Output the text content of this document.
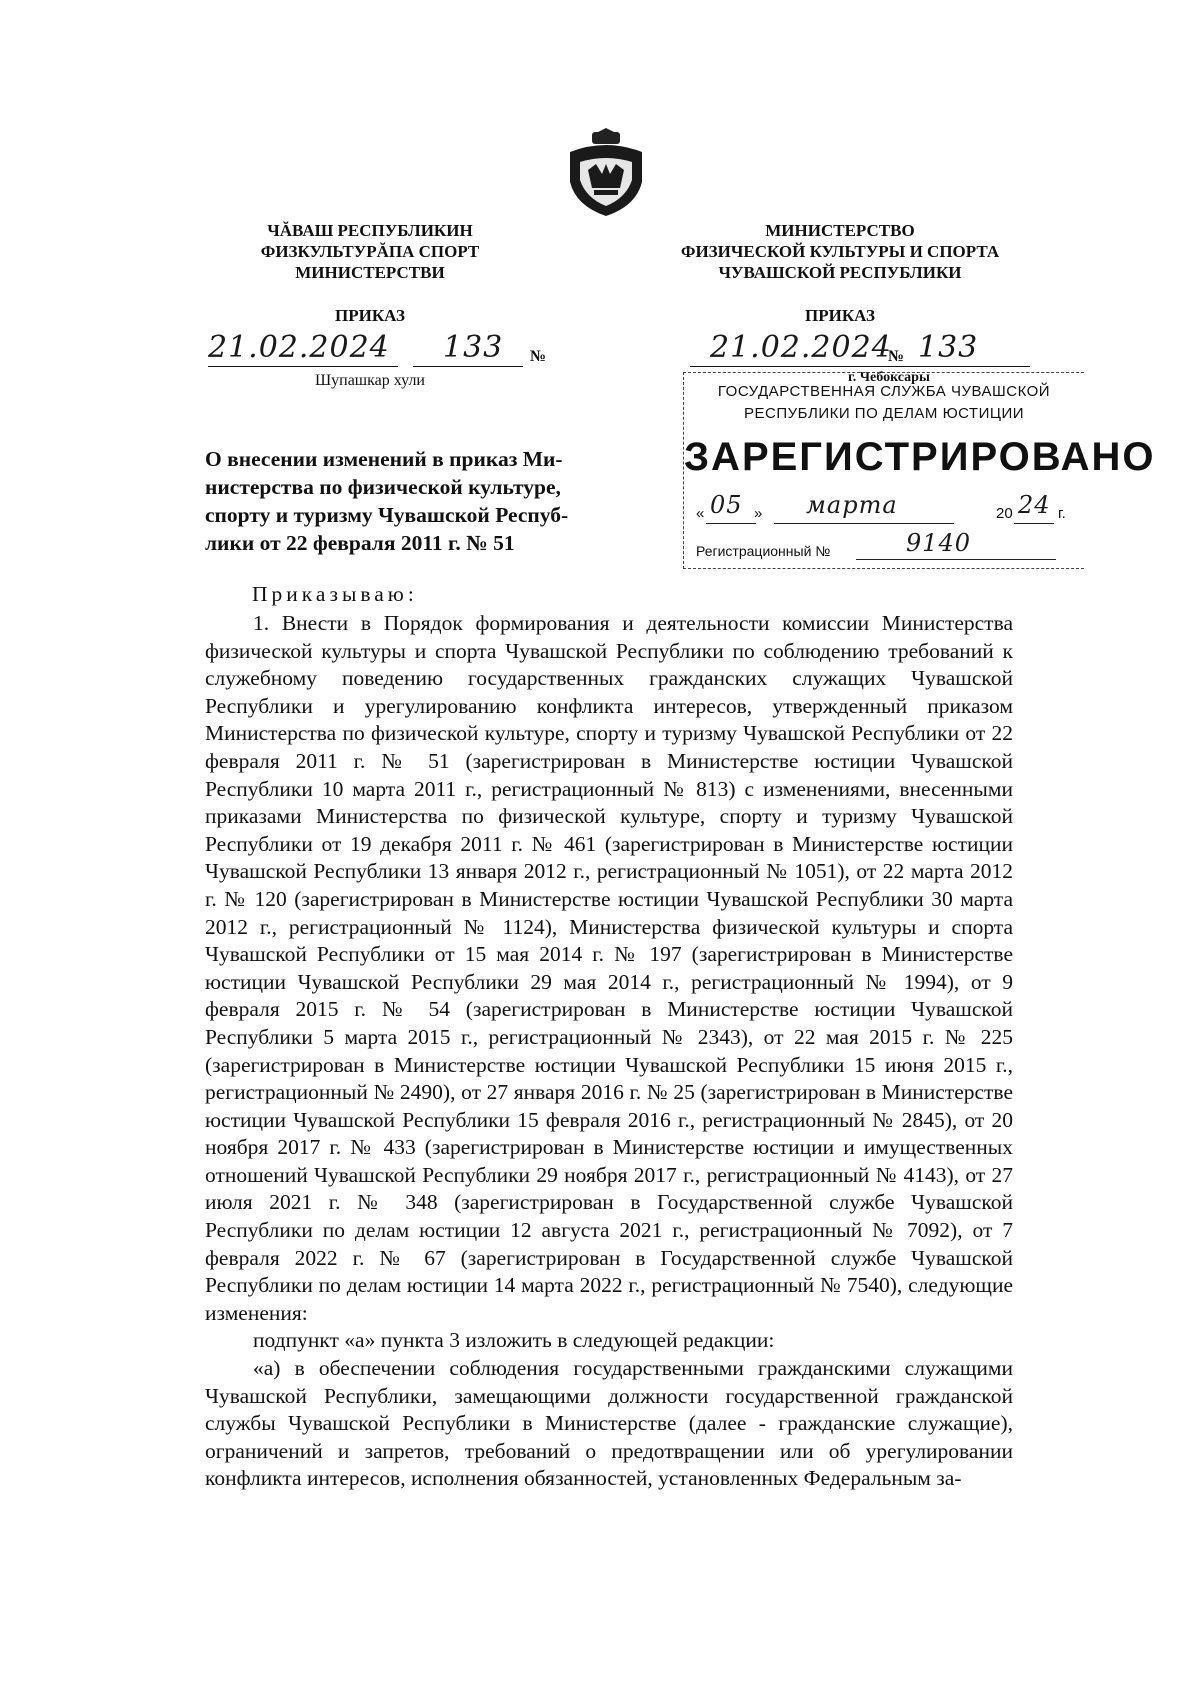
ЧĂВАШ РЕСПУБЛИКИН
ФИЗКУЛЬТУРĂПА СПОРТ
МИНИСТЕРСТВИ
ПРИКАЗ
21.02.2024 133 №
Шупашкар хули
МИНИСТЕРСТВО
ФИЗИЧЕСКОЙ КУЛЬТУРЫ И СПОРТА
ЧУВАШСКОЙ РЕСПУБЛИКИ
ПРИКАЗ
21.02.2024
№ 133
г. Чебоксары
ГОСУДАРСТВЕННАЯ СЛУЖБА ЧУВАШСКОЙ
РЕСПУБЛИКИ ПО ДЕЛАМ ЮСТИЦИИ
ЗАРЕГИСТРИРОВАНО
« 05 » марта	20 24 г.
Регистрационный №	9140
О внесении изменений в приказ Ми-
нистерства по физической культуре,
спорту и туризму Чувашской Респуб-
лики от 22 февраля 2011 г. № 51
Приказываю:

1. Внести в Порядок формирования и деятельности комиссии Министерства физической культуры и спорта Чувашской Республики по соблюдению требований к служебному поведению государственных гражданских служащих Чувашской Республики и урегулированию конфликта интересов, утвержденный приказом Министерства по физической культуре, спорту и туризму Чувашской Республики от 22 февраля 2011 г. № 51 (зарегистрирован в Министерстве юстиции Чувашской Республики 10 марта 2011 г., регистрационный № 813) с изменениями, внесенными приказами Министерства по физической культуре, спорту и туризму Чувашской Республики от 19 декабря 2011 г. № 461 (зарегистрирован в Министерстве юстиции Чувашской Республики 13 января 2012 г., регистрационный № 1051), от 22 марта 2012 г. № 120 (зарегистрирован в Министерстве юстиции Чувашской Республики 30 марта 2012 г., регистрационный № 1124), Министерства физической культуры и спорта Чувашской Республики от 15 мая 2014 г. № 197 (зарегистрирован в Министерстве юстиции Чувашской Республики 29 мая 2014 г., регистрационный № 1994), от 9 февраля 2015 г. № 54 (зарегистрирован в Министерстве юстиции Чувашской Республики 5 марта 2015 г., регистрационный № 2343), от 22 мая 2015 г. № 225 (зарегистрирован в Министерстве юстиции Чувашской Республики 15 июня 2015 г., регистрационный № 2490), от 27 января 2016 г. № 25 (зарегистрирован в Министерстве юстиции Чувашской Республики 15 февраля 2016 г., регистрационный № 2845), от 20 ноября 2017 г. № 433 (зарегистрирован в Министерстве юстиции и имущественных отношений Чувашской Республики 29 ноября 2017 г., регистрационный № 4143), от 27 июля 2021 г. № 348 (зарегистрирован в Государственной службе Чувашской Республики по делам юстиции 12 августа 2021 г., регистрационный № 7092), от 7 февраля 2022 г. № 67 (зарегистрирован в Государственной службе Чувашской Республики по делам юстиции 14 марта 2022 г., регистрационный № 7540), следующие изменения:

подпункт «а» пункта 3 изложить в следующей редакции:

«а) в обеспечении соблюдения государственными гражданскими служащими Чувашской Республики, замещающими должности государственной гражданской службы Чувашской Республики в Министерстве (далее - гражданские служащие), ограничений и запретов, требований о предотвращении или об урегулировании конфликта интересов, исполнения обязанностей, установленных Федеральным за-
